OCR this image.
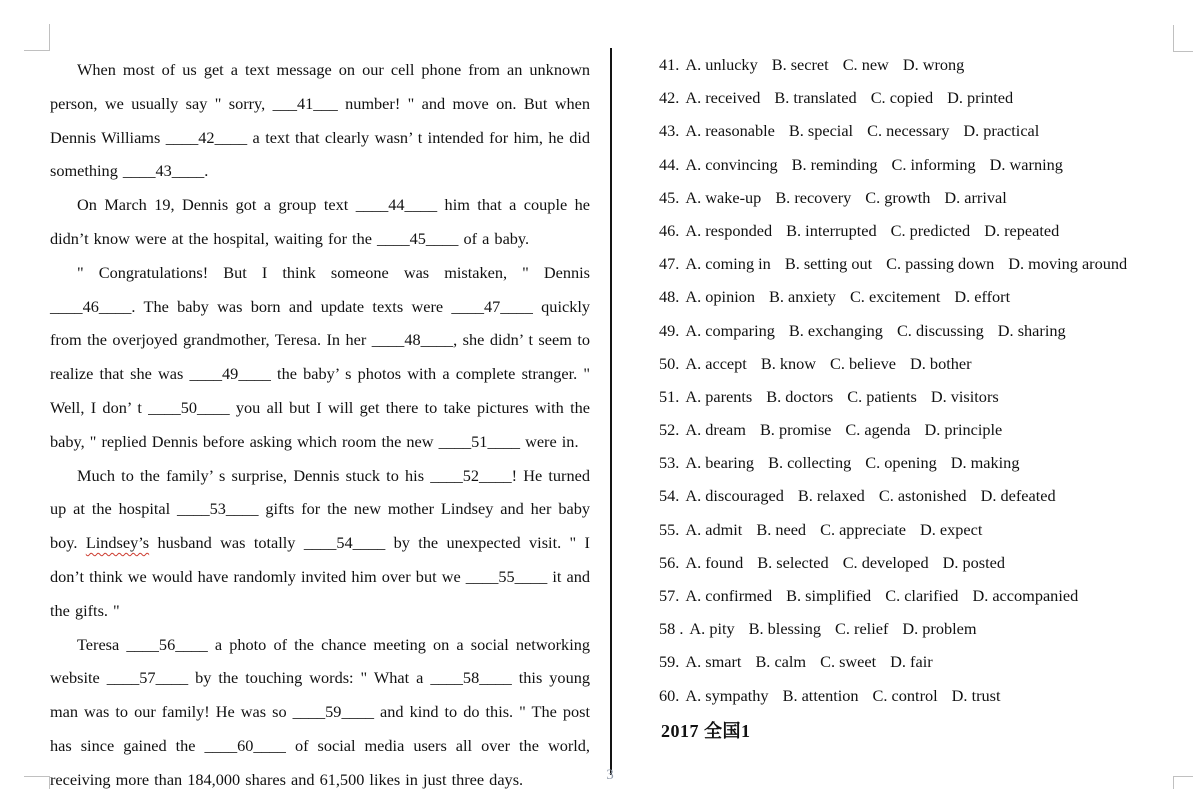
When most of us get a text message on our cell phone from an unknown person, we usually say " sorry, ___41___ number! " and move on. But when Dennis Williams ____42____ a text that clearly wasn’ t intended for him, he did something ____43____.

On March 19, Dennis got a group text ____44____ him that a couple he didn’t know were at the hospital, waiting for the ____45____ of a baby.

" Congratulations! But I think someone was mistaken, " Dennis ____46____. The baby was born and update texts were ____47____ quickly from the overjoyed grandmother, Teresa. In her ____48____, she didn’ t seem to realize that she was ____49____ the baby’ s photos with a complete stranger. " Well, I don’ t ____50____ you all but I will get there to take pictures with the baby, " replied Dennis before asking which room the new ____51____ were in.

Much to the family’ s surprise, Dennis stuck to his ____52____! He turned up at the hospital ____53____ gifts for the new mother Lindsey and her baby boy. Lindsey’s husband was totally ____54____ by the unexpected visit. " I don’t think we would have randomly invited him over but we ____55____ it and the gifts. "

Teresa ____56____ a photo of the chance meeting on a social networking website ____57____ by the touching words: " What a ____58____ this young man was to our family! He was so ____59____ and kind to do this. " The post has since gained the ____60____ of social media users all over the world, receiving more than 184,000 shares and 61,500 likes in just three days.

41. A. unlucky B. secret C. new D. wrong
42. A. received B. translated C. copied D. printed
43. A. reasonable B. special C. necessary D. practical
44. A. convincing B. reminding C. informing D. warning
45. A. wake-up B. recovery C. growth D. arrival
46. A. responded B. interrupted C. predicted D. repeated
47. A. coming in B. setting out C. passing down D. moving around
48. A. opinion B. anxiety C. excitement D. effort
49. A. comparing B. exchanging C. discussing D. sharing
50. A. accept B. know C. believe D. bother
51. A. parents B. doctors C. patients D. visitors
52. A. dream B. promise C. agenda D. principle
53. A. bearing B. collecting C. opening D. making
54. A. discouraged B. relaxed C. astonished D. defeated
55. A. admit B. need C. appreciate D. expect
56. A. found B. selected C. developed D. posted
57. A. confirmed B. simplified C. clarified D. accompanied
58 . A. pity B. blessing C. relief D. problem
59. A. smart B. calm C. sweet D. fair
60. A. sympathy B. attention C. control D. trust
2017 全国1
3
